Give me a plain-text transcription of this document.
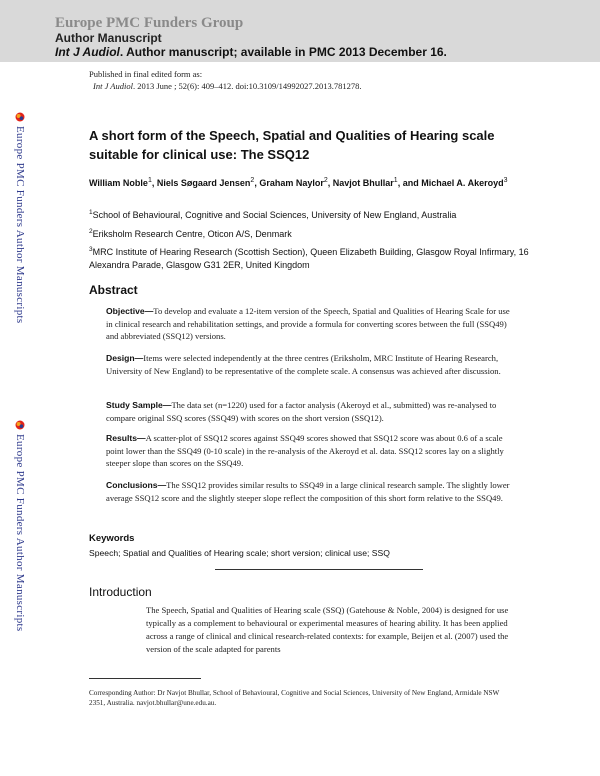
Europe PMC Funders Group
Author Manuscript
Int J Audiol. Author manuscript; available in PMC 2013 December 16.
Published in final edited form as:
Int J Audiol. 2013 June ; 52(6): 409–412. doi:10.3109/14992027.2013.781278.
Europe PMC Funders Author Manuscripts
Europe PMC Funders Author Manuscripts
A short form of the Speech, Spatial and Qualities of Hearing scale suitable for clinical use: The SSQ12
William Noble$^1$, Niels Søgaard Jensen$^2$, Graham Naylor$^2$, Navjot Bhullar$^1$, and Michael A. Akeroyd$^3$
$^1$School of Behavioural, Cognitive and Social Sciences, University of New England, Australia
$^2$Eriksholm Research Centre, Oticon A/S, Denmark
$^3$MRC Institute of Hearing Research (Scottish Section), Queen Elizabeth Building, Glasgow Royal Infirmary, 16 Alexandra Parade, Glasgow G31 2ER, United Kingdom
Abstract
Objective—To develop and evaluate a 12-item version of the Speech, Spatial and Qualities of Hearing Scale for use in clinical research and rehabilitation settings, and provide a formula for converting scores between the full (SSQ49) and abbreviated (SSQ12) versions.
Design—Items were selected independently at the three centres (Eriksholm, MRC Institute of Hearing Research, University of New England) to be representative of the complete scale. A consensus was achieved after discussion.
Study Sample—The data set (n=1220) used for a factor analysis (Akeroyd et al., submitted) was re-analysed to compare original SSQ scores (SSQ49) with scores on the short version (SSQ12).
Results—A scatter-plot of SSQ12 scores against SSQ49 scores showed that SSQ12 score was about 0.6 of a scale point lower than the SSQ49 (0-10 scale) in the re-analysis of the Akeroyd et al. data. SSQ12 scores lay on a slightly steeper slope than scores on the SSQ49.
Conclusions—The SSQ12 provides similar results to SSQ49 in a large clinical research sample. The slightly lower average SSQ12 score and the slightly steeper slope reflect the composition of this short form relative to the SSQ49.
Keywords
Speech; Spatial and Qualities of Hearing scale; short version; clinical use; SSQ
Introduction
The Speech, Spatial and Qualities of Hearing scale (SSQ) (Gatehouse & Noble, 2004) is designed for use typically as a complement to behavioural or experimental measures of hearing ability. It has been applied across a range of clinical and clinical research-related contexts: for example, Beijen et al. (2007) used the version of the scale adapted for parents
Corresponding Author: Dr Navjot Bhullar, School of Behavioural, Cognitive and Social Sciences, University of New England, Armidale NSW 2351, Australia. navjot.bhullar@une.edu.au.
